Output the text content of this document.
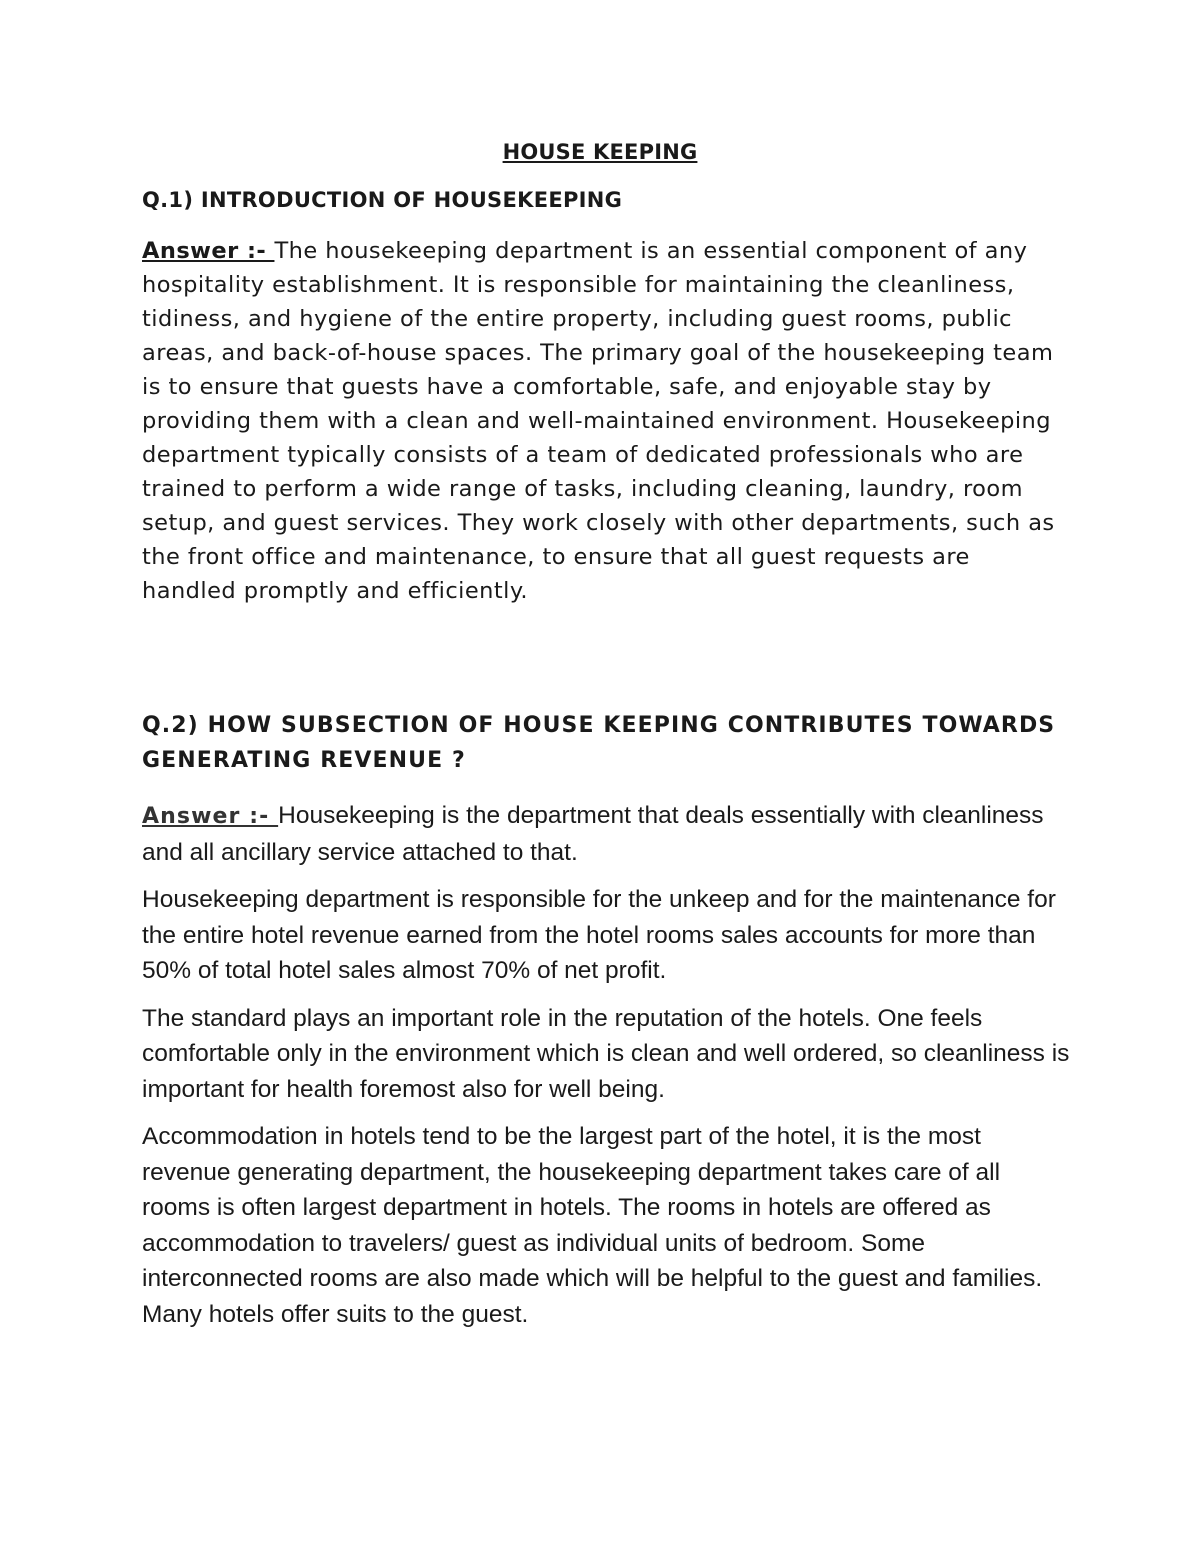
HOUSE KEEPING
Q.1) INTRODUCTION OF HOUSEKEEPING

Answer :- The housekeeping department is an essential component of any hospitality establishment. It is responsible for maintaining the cleanliness, tidiness, and hygiene of the entire property, including guest rooms, public areas, and back-of-house spaces. The primary goal of the housekeeping team is to ensure that guests have a comfortable, safe, and enjoyable stay by providing them with a clean and well-maintained environment. Housekeeping department typically consists of a team of dedicated professionals who are trained to perform a wide range of tasks, including cleaning, laundry, room setup, and guest services. They work closely with other departments, such as the front office and maintenance, to ensure that all guest requests are handled promptly and efficiently.

Q.2) HOW SUBSECTION OF HOUSE KEEPING CONTRIBUTES TOWARDS GENERATING REVENUE ?

Answer :- Housekeeping is the department that deals essentially with cleanliness and all ancillary service attached to that.

Housekeeping department is responsible for the unkeep and for the maintenance for the entire hotel revenue earned from the hotel rooms sales accounts for more than 50% of total hotel sales almost 70% of net profit.

The standard plays an important role in the reputation of the hotels. One feels comfortable only in the environment which is clean and well ordered, so cleanliness is important for health foremost also for well being.

Accommodation in hotels tend to be the largest part of the hotel, it is the most revenue generating department, the housekeeping department takes care of all rooms is often largest department in hotels. The rooms in hotels are offered as accommodation to travelers/ guest as individual units of bedroom. Some interconnected rooms are also made which will be helpful to the guest and families. Many hotels offer suits to the guest.
